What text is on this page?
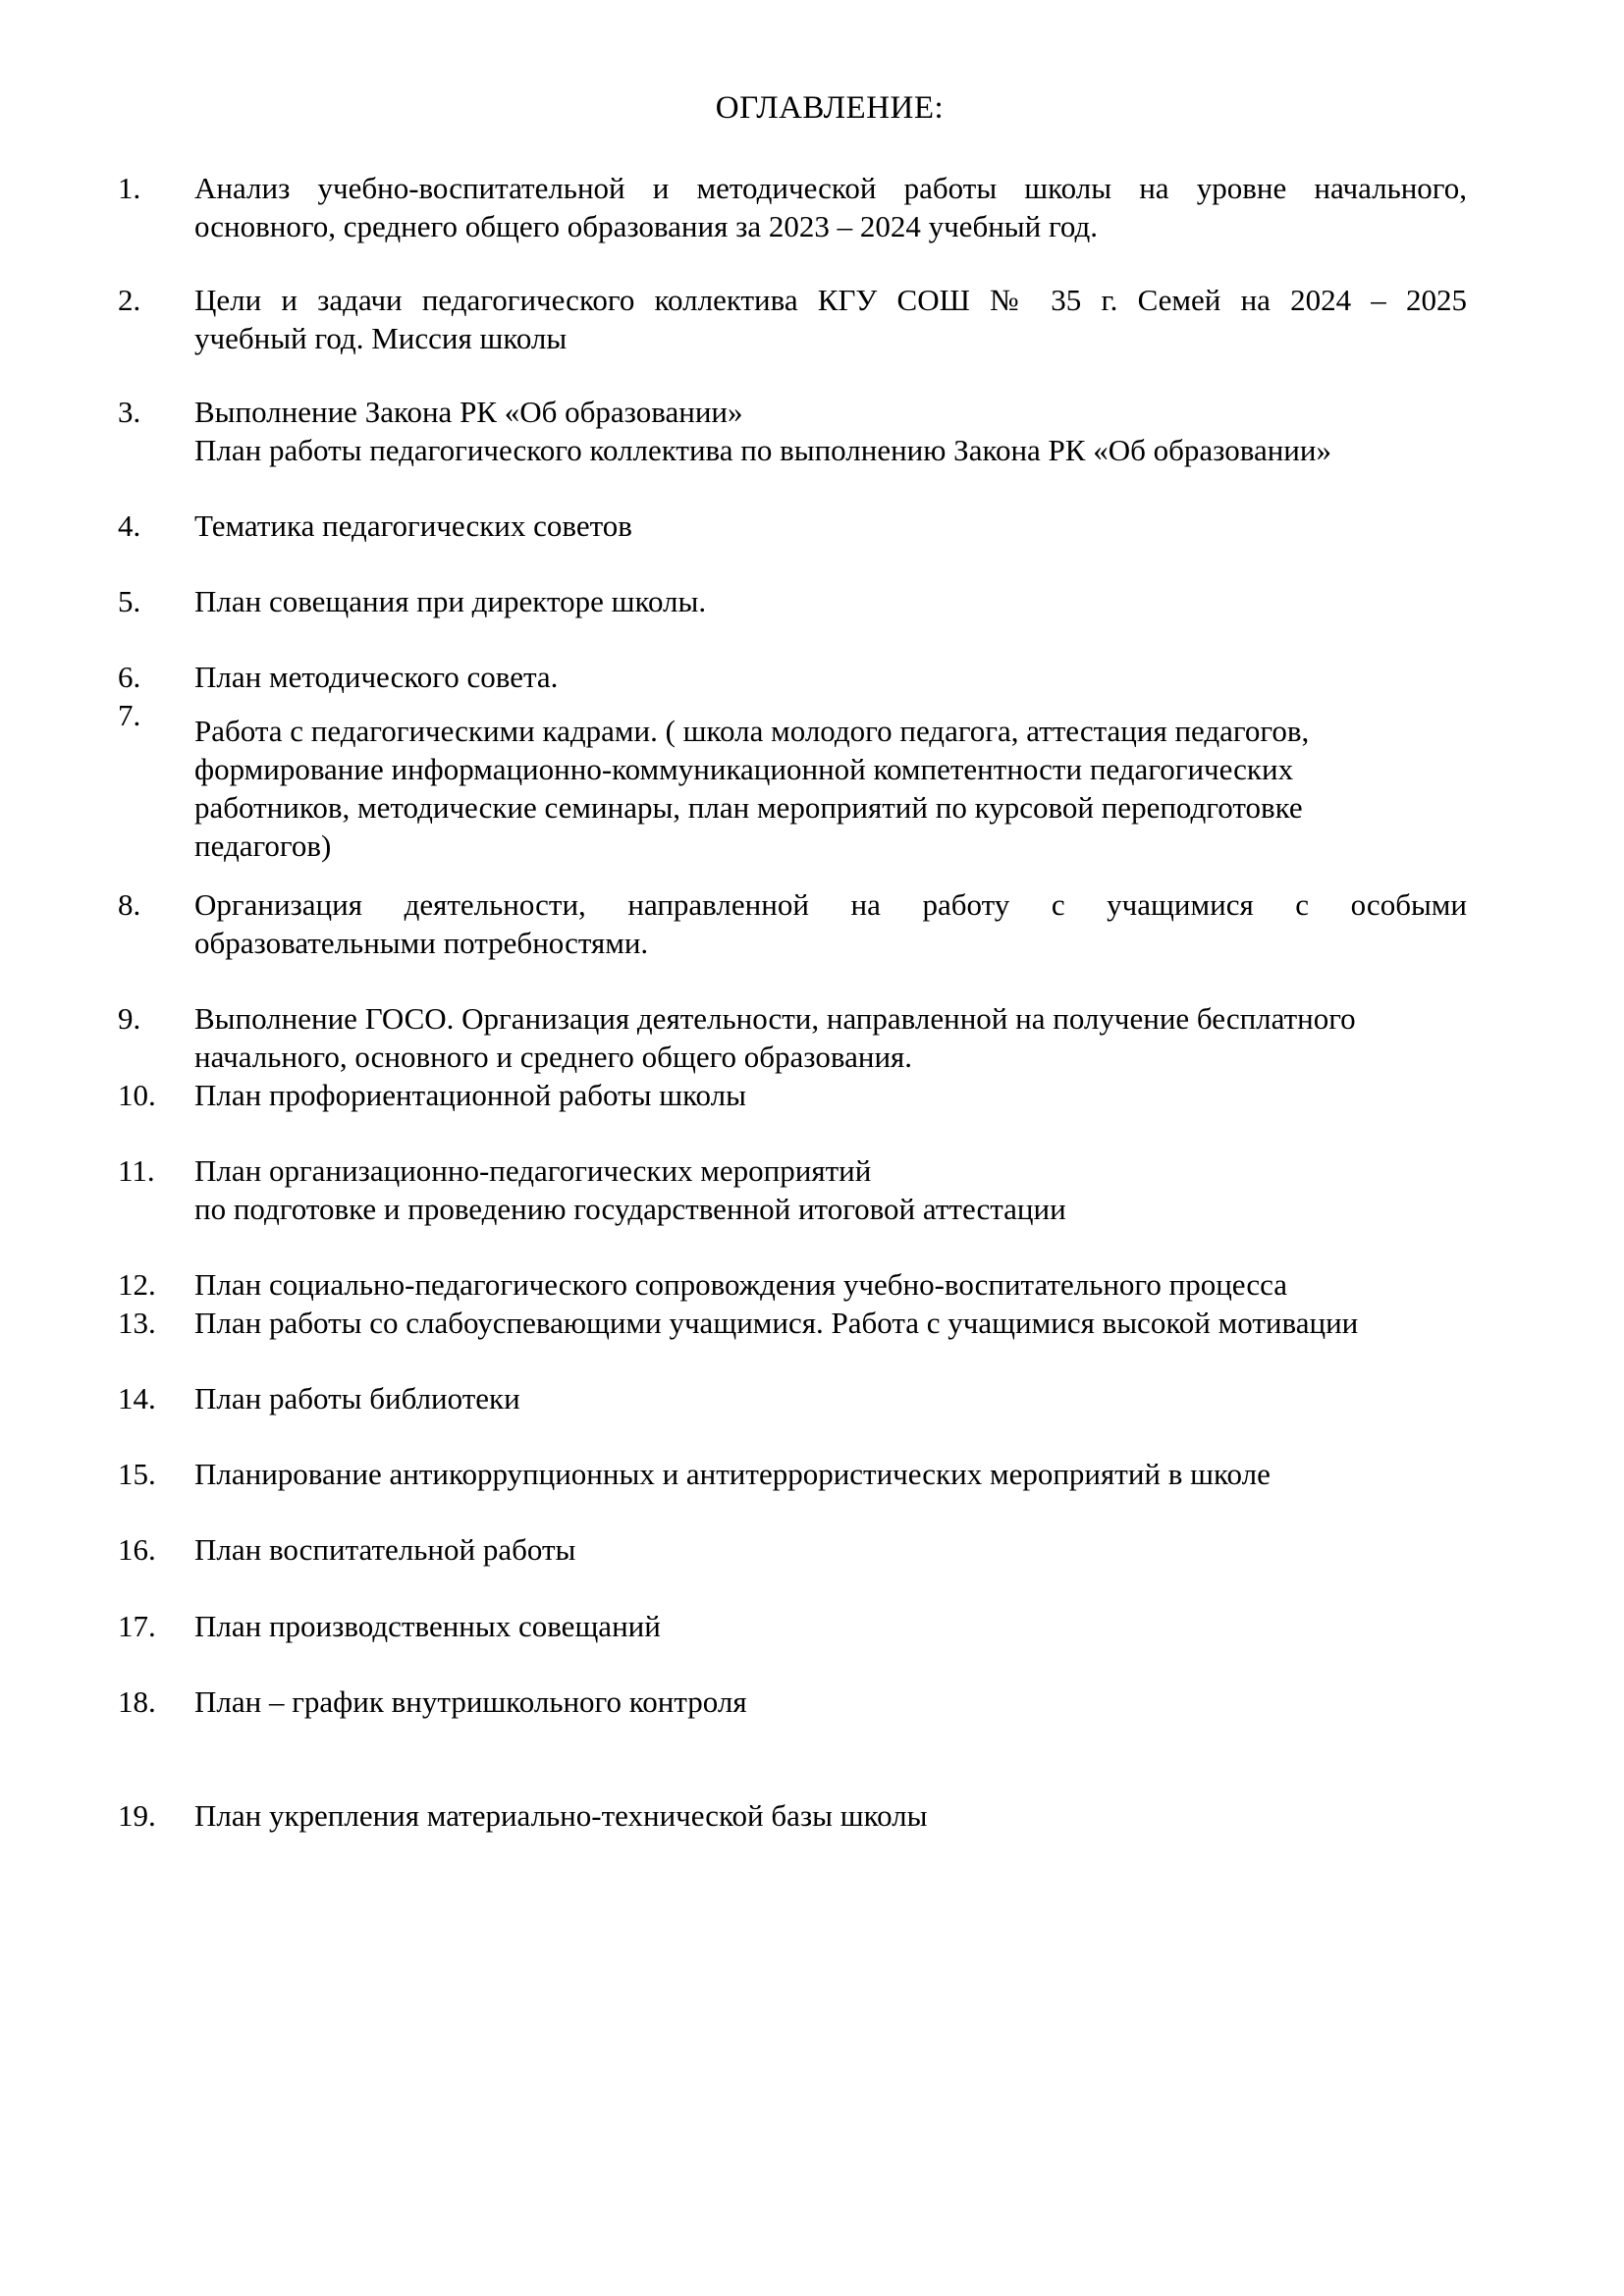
ОГЛАВЛЕНИЕ:
1.	Анализ учебно-воспитательной и методической работы школы на уровне начального,
основного, среднего общего образования за 2023 – 2024 учебный год.
2.	Цели и задачи педагогического коллектива КГУ СОШ № 35 г. Семей на 2024 – 2025
учебный год. Миссия школы
3.	Выполнение Закона РК «Об образовании»
План работы педагогического коллектива по выполнению Закона РК «Об образовании»
4.	Тематика педагогических советов
5.	План совещания при директоре школы.
6.	План методического совета.
7.	Работа с педагогическими кадрами. ( школа молодого педагога, аттестация педагогов,
формирование информационно-коммуникационной компетентности педагогических
работников, методические семинары, план мероприятий по курсовой переподготовке
педагогов)
8.	Организация деятельности, направленной на работу с учащимися с особыми
образовательными потребностями.
9.	Выполнение ГОСО. Организация деятельности, направленной на получение бесплатного
начального, основного и среднего общего образования.
10.	План профориентационной работы школы
11.	План организационно-педагогических мероприятий
по подготовке и проведению государственной итоговой аттестации
12.	План социально-педагогического сопровождения учебно-воспитательного процесса
13.	План работы со слабоуспевающими учащимися. Работа с учащимися высокой мотивации
14.	План работы библиотеки
15.	Планирование антикоррупционных и антитеррористических мероприятий в школе
16.	План воспитательной работы
17.	План производственных совещаний
18.	План – график внутришкольного контроля
19.	План укрепления материально-технической базы школы
